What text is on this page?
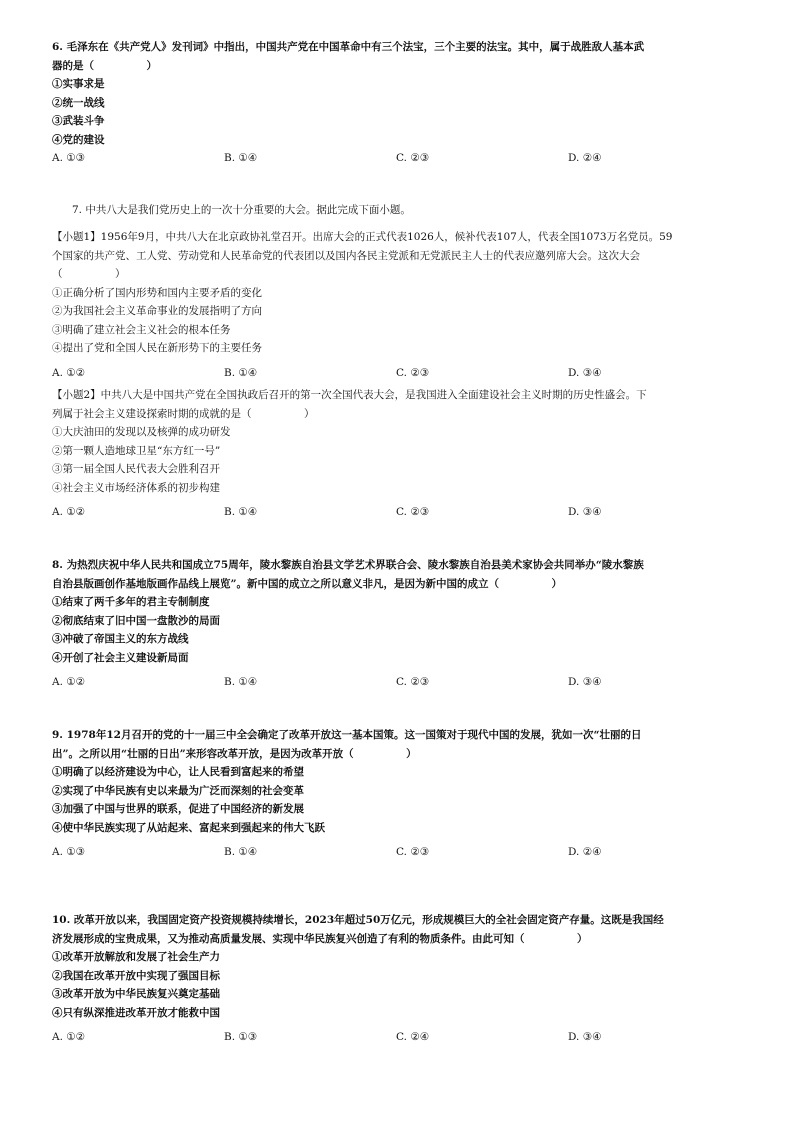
6. 毛泽东在《共产党人》发刊词》中指出，中国共产党在中国革命中有三个法宝，三个主要的法宝。其中，属于战胜敌人基本武
器的是（　　　　　）
①实事求是
②统一战线
③武装斗争
④党的建设
A. ①③	B. ①④	C. ②③	D. ②④
7. 中共八大是我们党历史上的一次十分重要的大会。据此完成下面小题。
【小题1】1956年9月，中共八大在北京政协礼堂召开。出席大会的正式代表1026人，候补代表107人，代表全国1073万名党员。59
个国家的共产党、工人党、劳动党和人民革命党的代表团以及国内各民主党派和无党派民主人士的代表应邀列席大会。这次大会
（　　　　　）
①正确分析了国内形势和国内主要矛盾的变化
②为我国社会主义革命事业的发展指明了方向
③明确了建立社会主义社会的根本任务
④提出了党和全国人民在新形势下的主要任务
A. ①②	B. ①④	C. ②③	D. ③④
【小题2】中共八大是中国共产党在全国执政后召开的第一次全国代表大会，是我国进入全面建设社会主义时期的历史性盛会。下
列属于社会主义建设探索时期的成就的是（　　　　　）
①大庆油田的发现以及核弹的成功研发
②第一颗人造地球卫星“东方红一号”
③第一届全国人民代表大会胜利召开
④社会主义市场经济体系的初步构建
A. ①②	B. ①④	C. ②③	D. ③④
8. 为热烈庆祝中华人民共和国成立75周年，陵水黎族自治县文学艺术界联合会、陵水黎族自治县美术家协会共同举办“陵水黎族
自治县版画创作基地版画作品线上展览”。新中国的成立之所以意义非凡，是因为新中国的成立（　　　　　）
①结束了两千多年的君主专制制度
②彻底结束了旧中国一盘散沙的局面
③冲破了帝国主义的东方战线
④开创了社会主义建设新局面
A. ①②	B. ①④	C. ②③	D. ③④
9. 1978年12月召开的党的十一届三中全会确定了改革开放这一基本国策。这一国策对于现代中国的发展，犹如一次“壮丽的日
出”。之所以用“壮丽的日出”来形容改革开放，是因为改革开放（　　　　　）
①明确了以经济建设为中心，让人民看到富起来的希望
②实现了中华民族有史以来最为广泛而深刻的社会变革
③加强了中国与世界的联系，促进了中国经济的新发展
④使中华民族实现了从站起来、富起来到强起来的伟大飞跃
A. ①③	B. ①④	C. ②③	D. ②④
10. 改革开放以来，我国固定资产投资规模持续增长，2023年超过50万亿元，形成规模巨大的全社会固定资产存量。这既是我国经
济发展形成的宝贵成果，又为推动高质量发展、实现中华民族复兴创造了有利的物质条件。由此可知（　　　　　）
①改革开放解放和发展了社会生产力
②我国在改革开放中实现了强国目标
③改革开放为中华民族复兴奠定基础
④只有纵深推进改革开放才能救中国
A. ①②	B. ①③	C. ②④	D. ③④
